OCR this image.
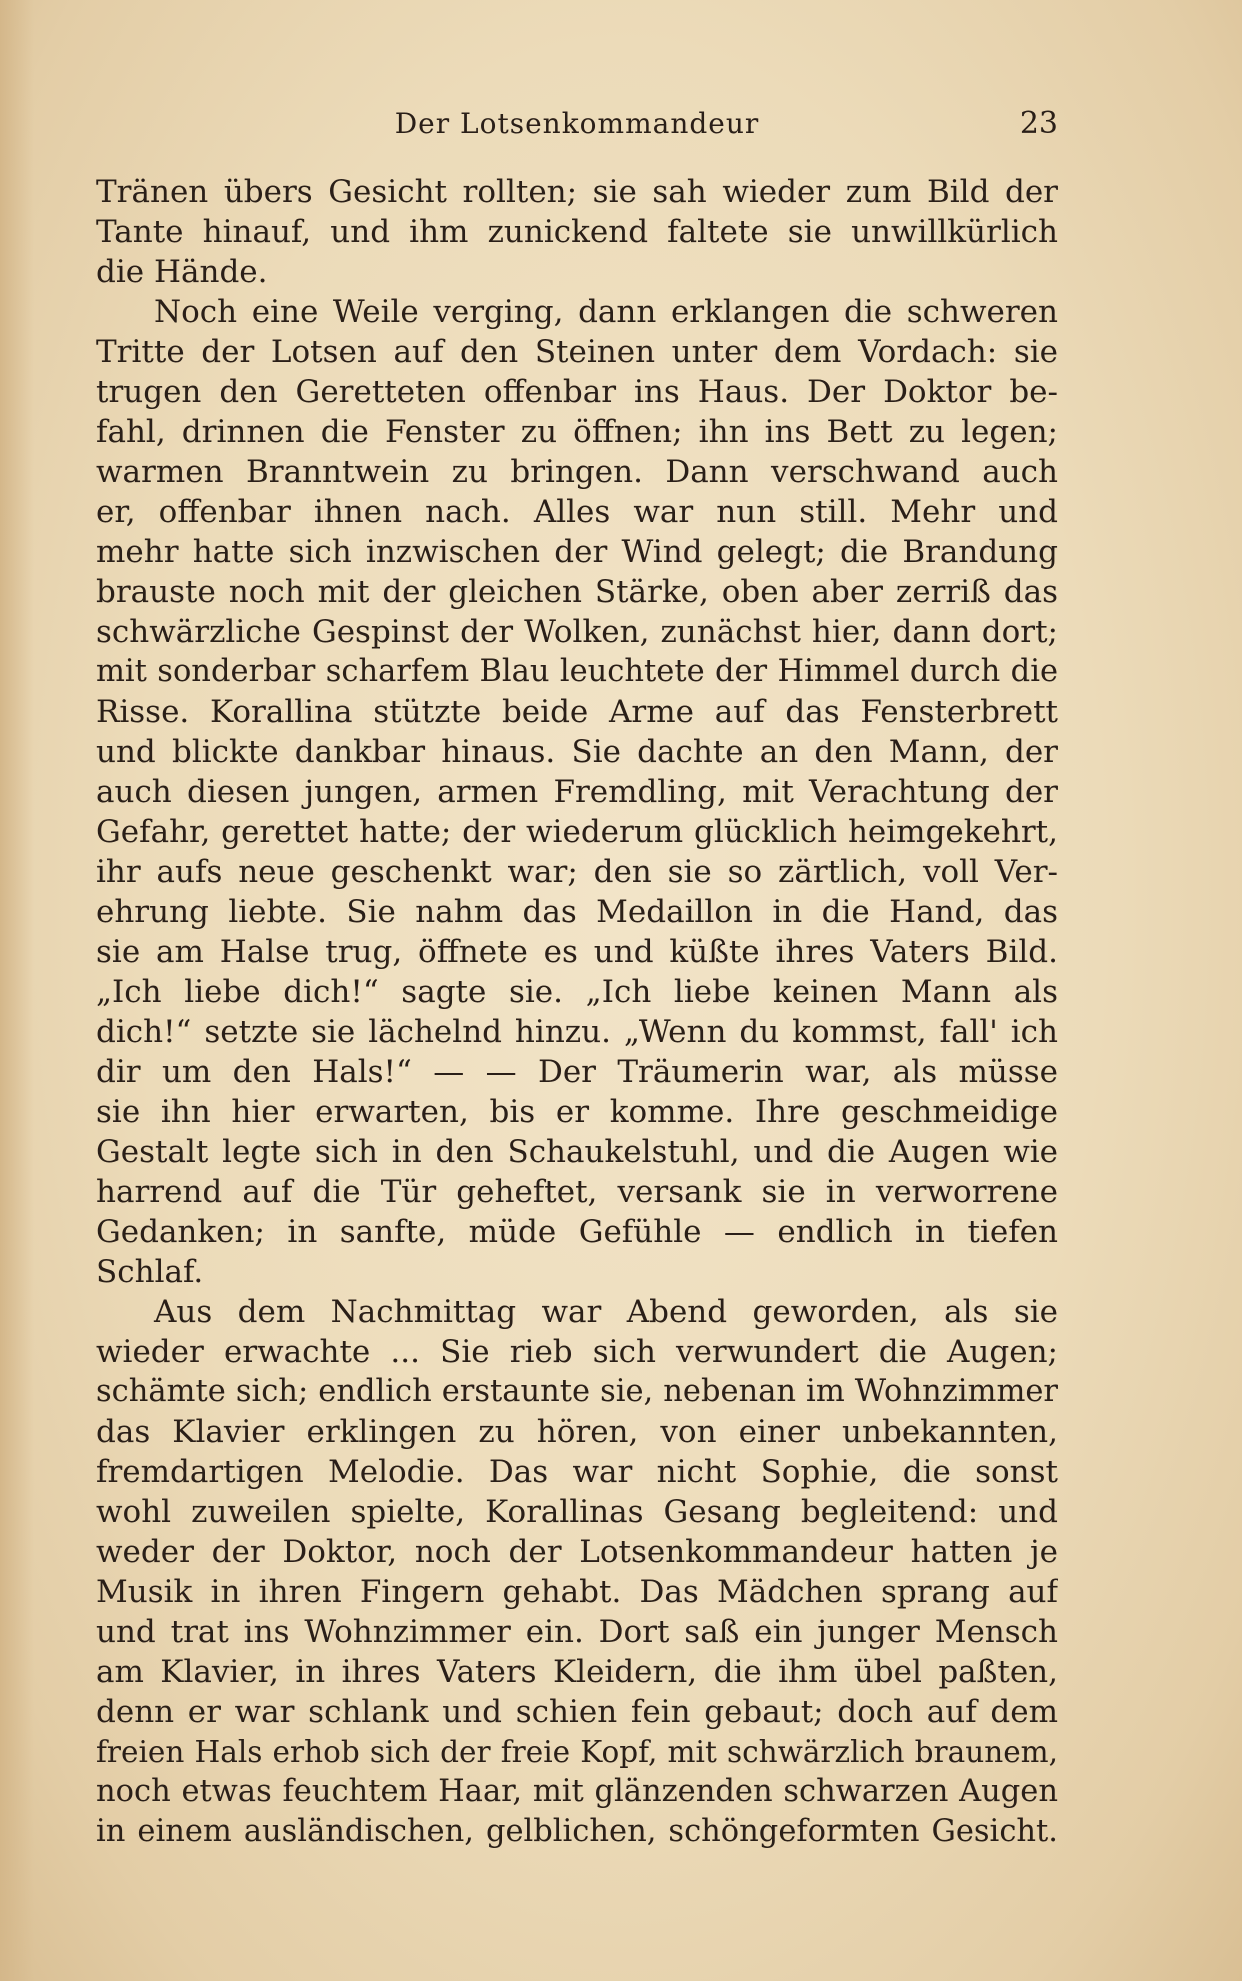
Der Lotsenkommandeur	23
Tränen übers Gesicht rollten; sie sah wieder zum Bild der
Tante hinauf, und ihm zunickend faltete sie unwillkürlich
die Hände.
Noch eine Weile verging, dann erklangen die schweren
Tritte der Lotsen auf den Steinen unter dem Vordach: sie
trugen den Geretteten offenbar ins Haus. Der Doktor be-
fahl, drinnen die Fenster zu öffnen; ihn ins Bett zu legen;
warmen Branntwein zu bringen. Dann verschwand auch
er, offenbar ihnen nach. Alles war nun still. Mehr und
mehr hatte sich inzwischen der Wind gelegt; die Brandung
brauste noch mit der gleichen Stärke, oben aber zerriß das
schwärzliche Gespinst der Wolken, zunächst hier, dann dort;
mit sonderbar scharfem Blau leuchtete der Himmel durch die
Risse. Korallina stützte beide Arme auf das Fensterbrett
und blickte dankbar hinaus. Sie dachte an den Mann, der
auch diesen jungen, armen Fremdling, mit Verachtung der
Gefahr, gerettet hatte; der wiederum glücklich heimgekehrt,
ihr aufs neue geschenkt war; den sie so zärtlich, voll Ver-
ehrung liebte. Sie nahm das Medaillon in die Hand, das
sie am Halse trug, öffnete es und küßte ihres Vaters Bild.
„Ich liebe dich!“ sagte sie. „Ich liebe keinen Mann als
dich!“ setzte sie lächelnd hinzu. „Wenn du kommst, fall' ich
dir um den Hals!“ — — Der Träumerin war, als müsse
sie ihn hier erwarten, bis er komme. Ihre geschmeidige
Gestalt legte sich in den Schaukelstuhl, und die Augen wie
harrend auf die Tür geheftet, versank sie in verworrene
Gedanken; in sanfte, müde Gefühle — endlich in tiefen
Schlaf.
Aus dem Nachmittag war Abend geworden, als sie
wieder erwachte ... Sie rieb sich verwundert die Augen;
schämte sich; endlich erstaunte sie, nebenan im Wohnzimmer
das Klavier erklingen zu hören, von einer unbekannten,
fremdartigen Melodie. Das war nicht Sophie, die sonst
wohl zuweilen spielte, Korallinas Gesang begleitend: und
weder der Doktor, noch der Lotsenkommandeur hatten je
Musik in ihren Fingern gehabt. Das Mädchen sprang auf
und trat ins Wohnzimmer ein. Dort saß ein junger Mensch
am Klavier, in ihres Vaters Kleidern, die ihm übel paßten,
denn er war schlank und schien fein gebaut; doch auf dem
freien Hals erhob sich der freie Kopf, mit schwärzlich braunem,
noch etwas feuchtem Haar, mit glänzenden schwarzen Augen
in einem ausländischen, gelblichen, schöngeformten Gesicht.
